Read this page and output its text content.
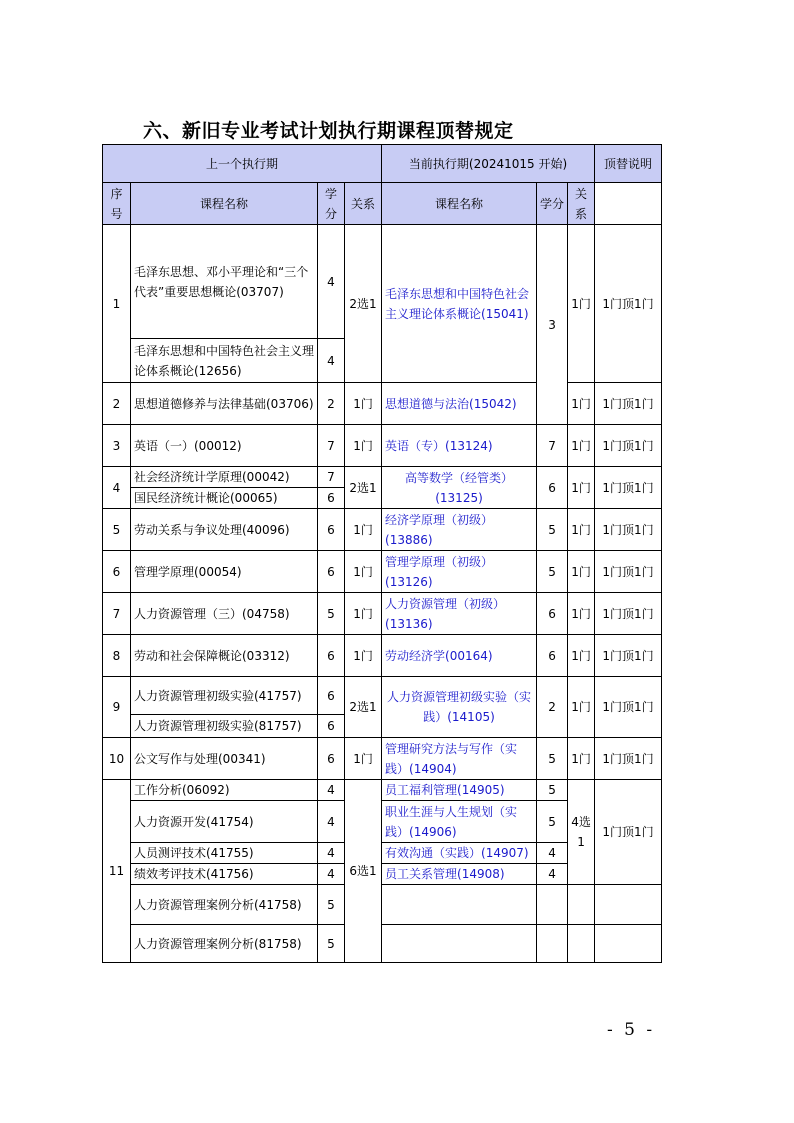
六、新旧专业考试计划执行期课程顶替规定
上一个执行期				当前执行期(20241015 开始)			顶替说明
序号	课程名称	学分	关系	课程名称	学分	关系	
1	毛泽东思想、邓小平理论和“三个代表”重要思想概论(03707)	4	2选1	毛泽东思想和中国特色社会主义理论体系概论(15041)	3	1门	1门顶1门
	毛泽东思想和中国特色社会主义理论体系概论(12656)	4					
2	思想道德修养与法律基础(03706)	2	1门	思想道德与法治(15042)		1门	1门顶1门
3	英语（一）(00012)	7	1门	英语（专）(13124)	7	1门	1门顶1门
4	社会经济统计学原理(00042)	7	2选1	高等数学（经管类）(13125)	6	1门	1门顶1门
	国民经济统计概论(00065)	6					
5	劳动关系与争议处理(40096)	6	1门	经济学原理（初级）(13886)	5	1门	1门顶1门
6	管理学原理(00054)	6	1门	管理学原理（初级）(13126)	5	1门	1门顶1门
7	人力资源管理（三）(04758)	5	1门	人力资源管理（初级）(13136)	6	1门	1门顶1门
8	劳动和社会保障概论(03312)	6	1门	劳动经济学(00164)	6	1门	1门顶1门
9	人力资源管理初级实验(41757)	6	2选1	人力资源管理初级实验（实践）(14105)	2	1门	1门顶1门
	人力资源管理初级实验(81757)	6					
10	公文写作与处理(00341)	6	1门	管理研究方法与写作（实践）(14904)	5	1门	1门顶1门
11	工作分析(06092)	4	6选1	员工福利管理(14905)	5	4选1	1门顶1门
	人力资源开发(41754)	4		职业生涯与人生规划（实践）(14906)	5		
	人员测评技术(41755)	4		有效沟通（实践）(14907)	4		
	绩效考评技术(41756)	4		员工关系管理(14908)	4		
	人力资源管理案例分析(41758)	5					
	人力资源管理案例分析(81758)	5					
- 5 -
